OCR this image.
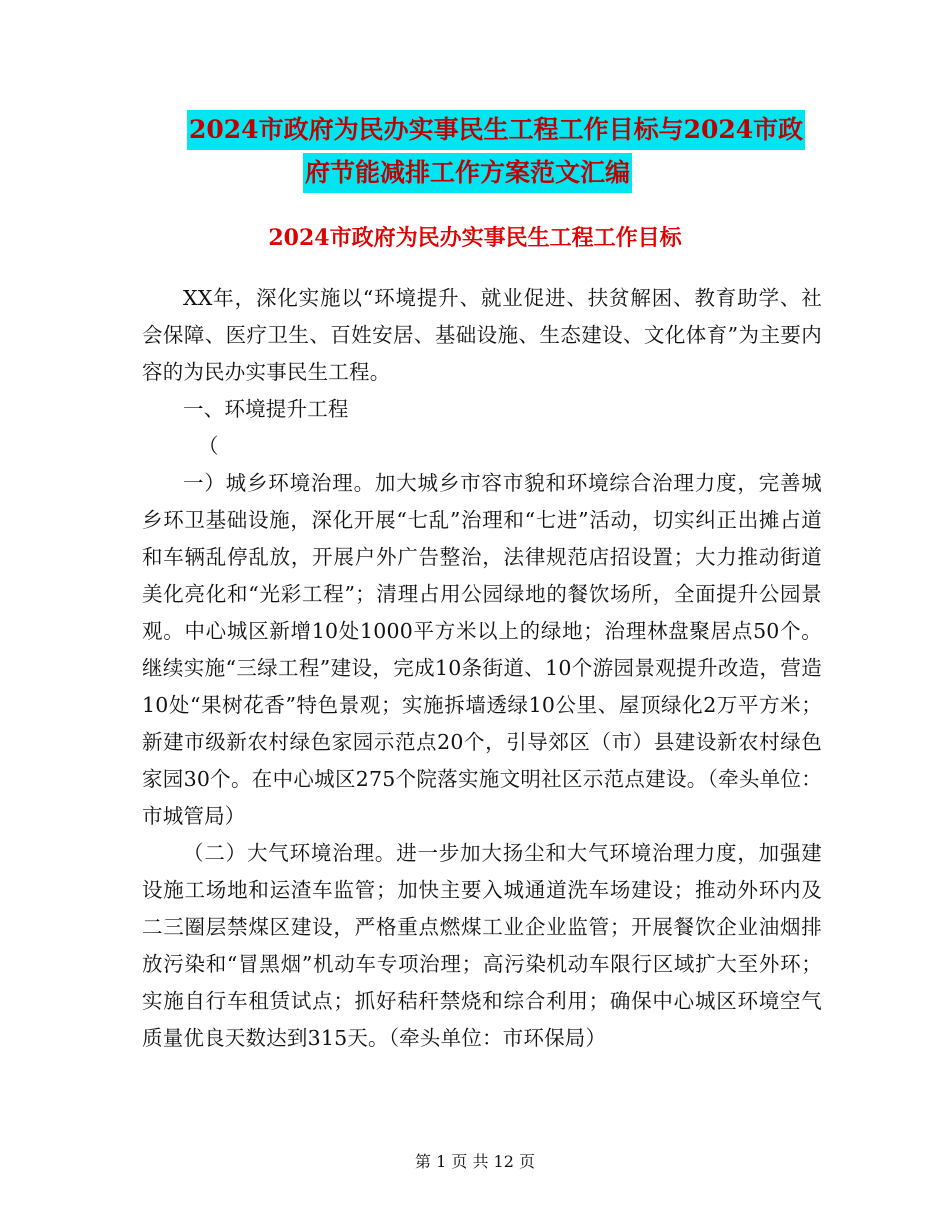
2024市政府为民办实事民生工程工作目标与2024市政
府节能减排工作方案范文汇编
2024市政府为民办实事民生工程工作目标

XX年，深化实施以“环境提升、就业促进、扶贫解困、教育助学、社会保障、医疗卫生、百姓安居、基础设施、生态建设、文化体育”为主要内容的为民办实事民生工程。

一、环境提升工程

（

一）城乡环境治理。加大城乡市容市貌和环境综合治理力度，完善城乡环卫基础设施，深化开展“七乱”治理和“七进”活动，切实纠正出摊占道和车辆乱停乱放，开展户外广告整治，法律规范店招设置；大力推动街道美化亮化和“光彩工程”；清理占用公园绿地的餐饮场所，全面提升公园景观。中心城区新增10处1000平方米以上的绿地；治理林盘聚居点50个。继续实施“三绿工程”建设，完成10条街道、10个游园景观提升改造，营造10处“果树花香”特色景观；实施拆墙透绿10公里、屋顶绿化2万平方米；新建市级新农村绿色家园示范点20个，引导郊区（市）县建设新农村绿色家园30个。在中心城区275个院落实施文明社区示范点建设。（牵头单位：市城管局）

（二）大气环境治理。进一步加大扬尘和大气环境治理力度，加强建设施工场地和运渣车监管；加快主要入城通道洗车场建设；推动外环内及二三圈层禁煤区建设，严格重点燃煤工业企业监管；开展餐饮企业油烟排放污染和“冒黑烟”机动车专项治理；高污染机动车限行区域扩大至外环；实施自行车租赁试点；抓好秸秆禁烧和综合利用；确保中心城区环境空气质量优良天数达到315天。（牵头单位：市环保局）

第 1 页 共 12 页
